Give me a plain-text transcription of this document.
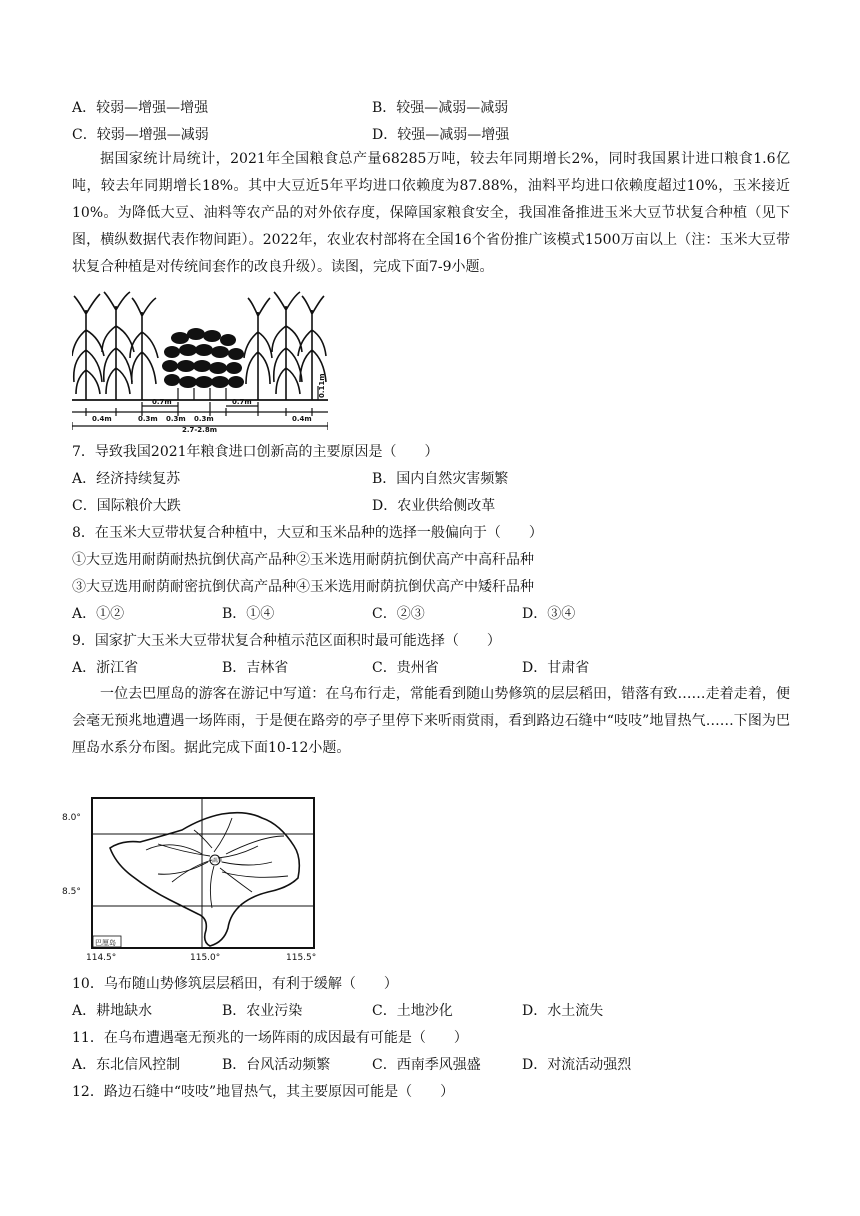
A．较弱—增强—增强	B．较强—减弱—减弱
C．较弱—增强—减弱	D．较强—减弱—增强
据国家统计局统计，2021年全国粮食总产量68285万吨，较去年同期增长2%，同时我国累计进口粮食1.6亿吨，较去年同期增长18%。其中大豆近5年平均进口依赖度为87.88%，油料平均进口依赖度超过10%，玉米接近10%。为降低大豆、油料等农产品的对外依存度，保障国家粮食安全，我国准备推进玉米大豆节状复合种植（见下图，横纵数据代表作物间距）。2022年，农业农村部将在全国16个省份推广该模式1500万亩以上（注：玉米大豆带状复合种植是对传统间套作的改良升级）。读图，完成下面7-9小题。
0.4m
0.7m
0.3m 0.3m 0.3m
0.7m
0.4m
2.7-2.8m
0.11m
7．导致我国2021年粮食进口创新高的主要原因是（　　）
A．经济持续复苏	B．国内自然灾害频繁
C．国际粮价大跌	D．农业供给侧改革
8．在玉米大豆带状复合种植中，大豆和玉米品种的选择一般偏向于（　　）
①大豆选用耐荫耐热抗倒伏高产品种②玉米选用耐荫抗倒伏高产中高秆品种
③大豆选用耐荫耐密抗倒伏高产品种④玉米选用耐荫抗倒伏高产中矮秆品种
A．①②	B．①④	C．②③	D．③④
9．国家扩大玉米大豆带状复合种植示范区面积时最可能选择（　　）
A．浙江省	B．吉林省	C．贵州省	D．甘肃省
一位去巴厘岛的游客在游记中写道：在乌布行走，常能看到随山势修筑的层层稻田，错落有致……走着走着，便会毫无预兆地遭遇一场阵雨，于是便在路旁的亭子里停下来听雨赏雨，看到路边石缝中“吱吱”地冒热气……下图为巴厘岛水系分布图。据此完成下面10-12小题。
湖泊
8.0°
8.5°
114.5°	115.0°	115.5°
巴厘岛
10．乌布随山势修筑层层稻田，有利于缓解（　　）
A．耕地缺水	B．农业污染	C．土地沙化	D．水土流失
11．在乌布遭遇毫无预兆的一场阵雨的成因最有可能是（　　）
A．东北信风控制	B．台风活动频繁	C．西南季风强盛	D．对流活动强烈
12．路边石缝中“吱吱”地冒热气，其主要原因可能是（　　）
